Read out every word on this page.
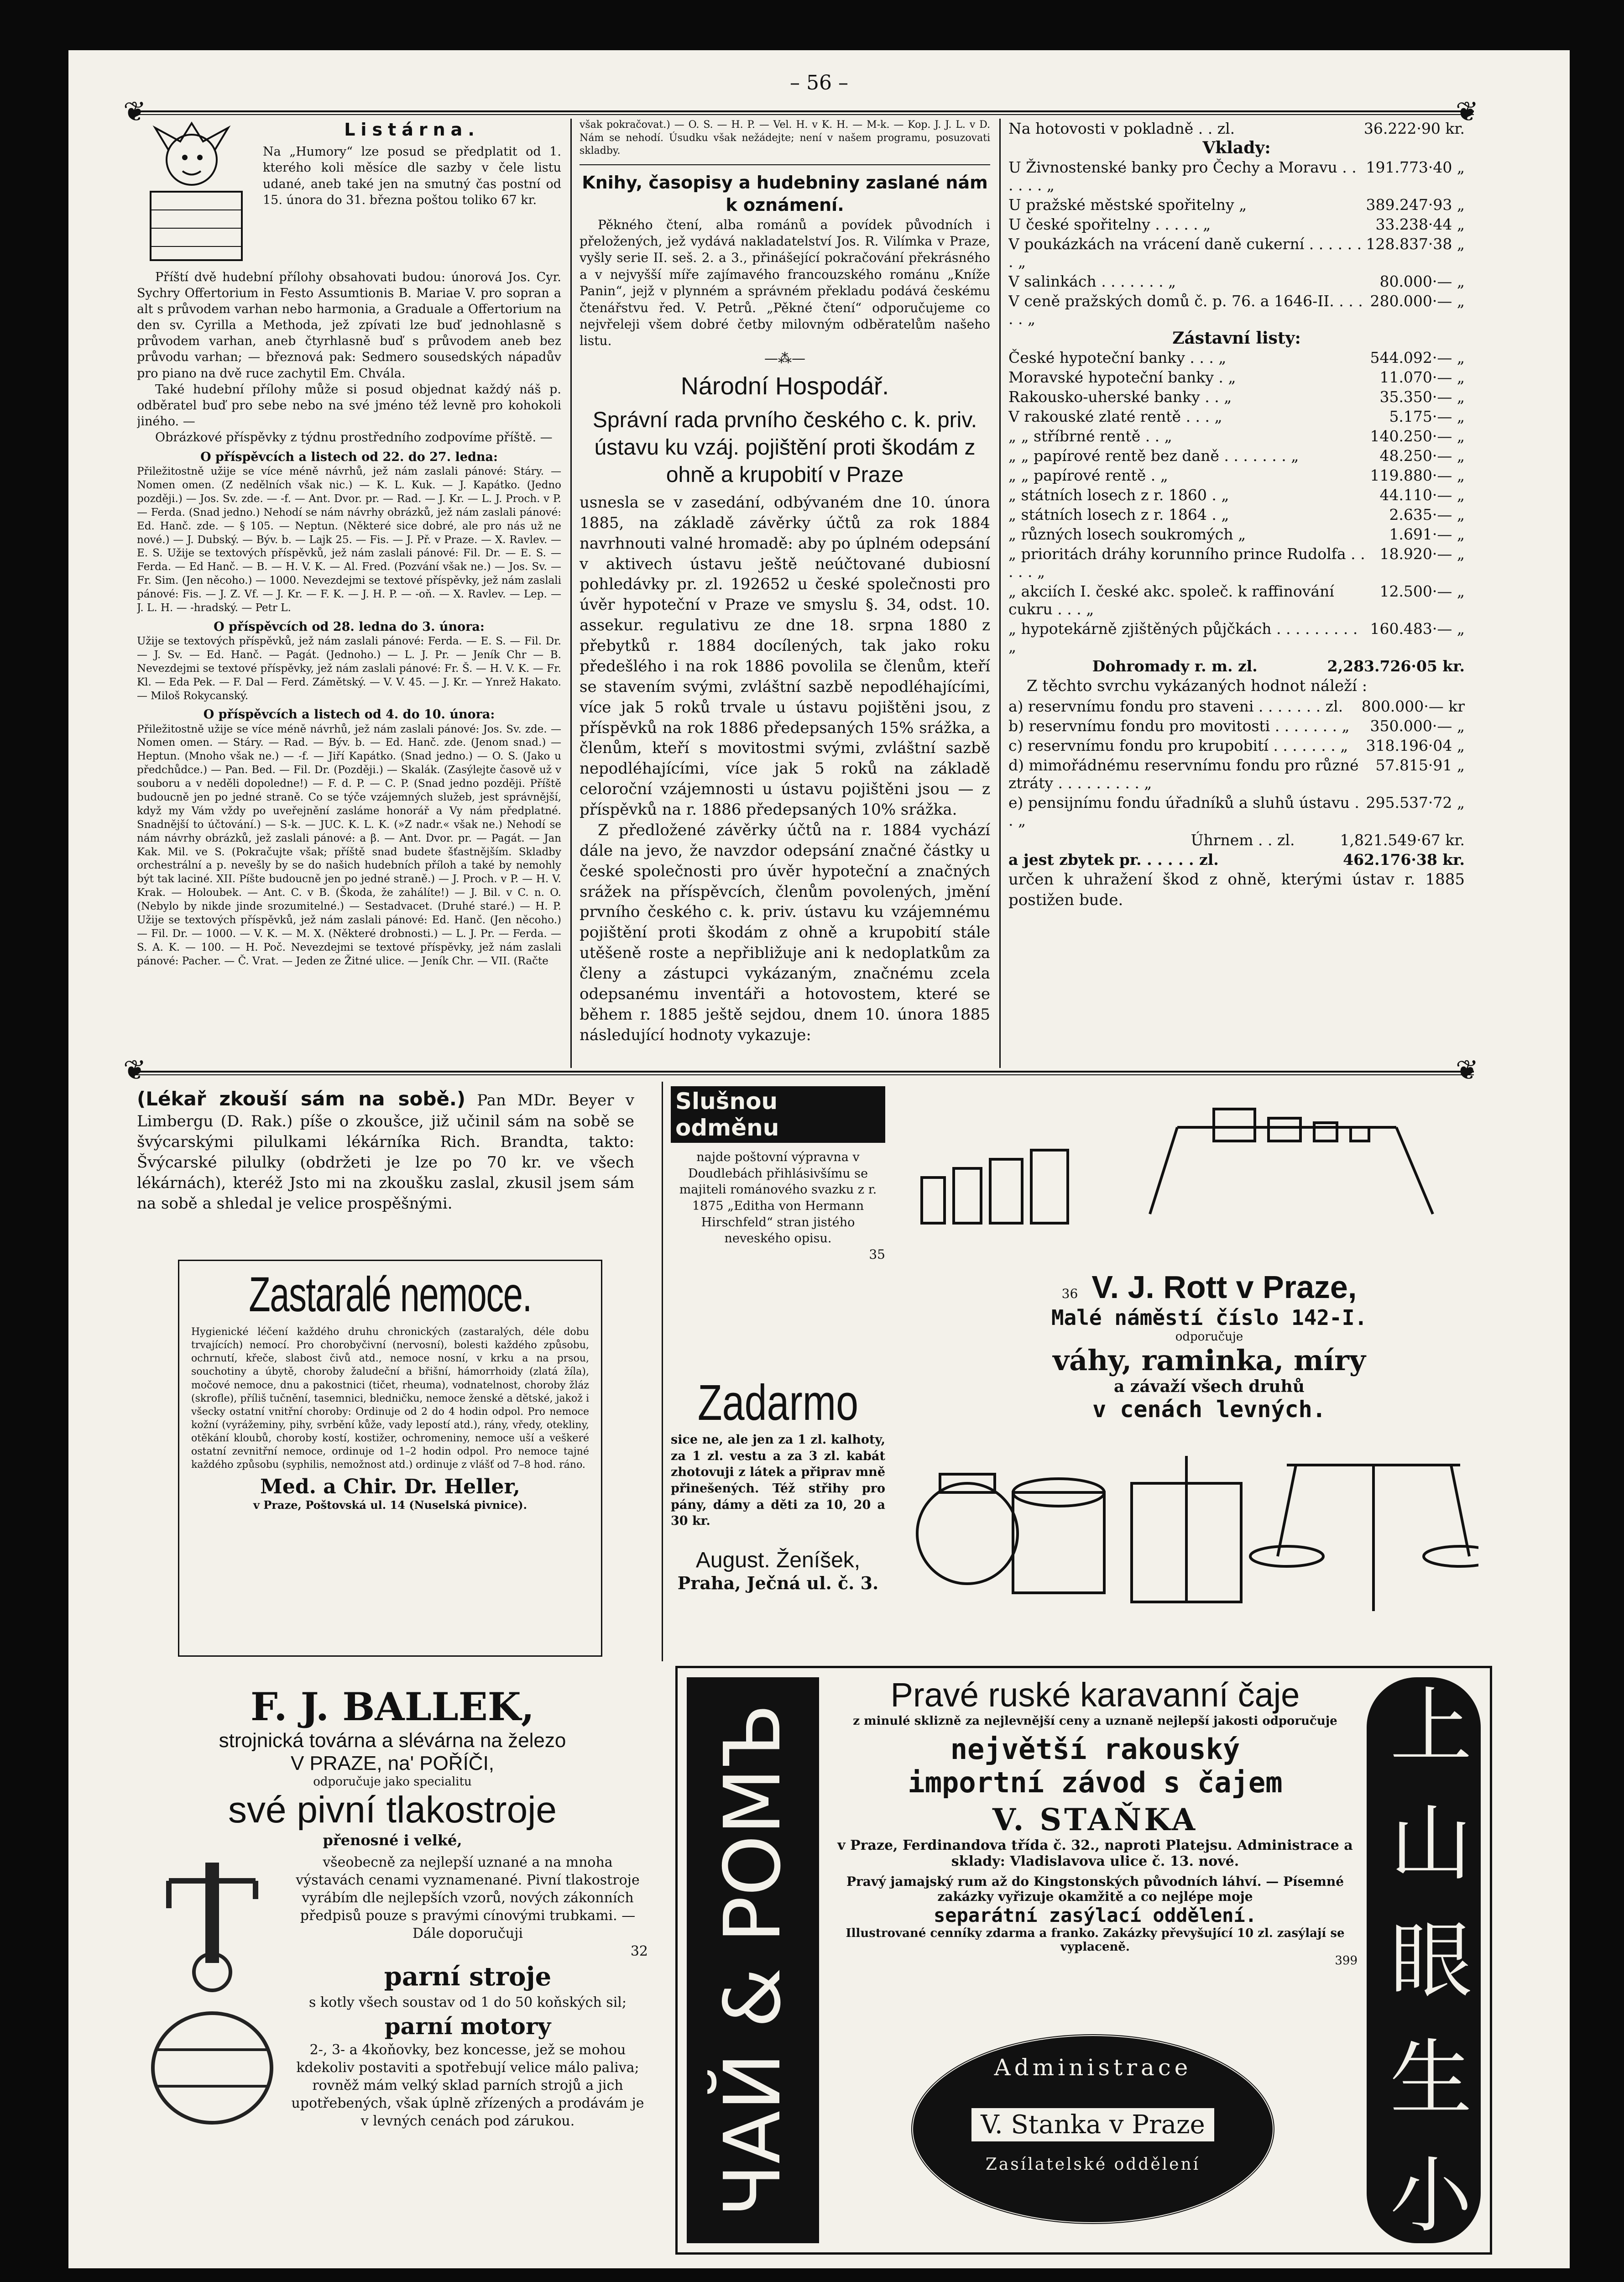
– 56 –
❦	❦
❦	❦
Listárna.
Na „Humory“ lze posud se předplatit od 1. kterého koli měsíce dle sazby v čele listu udané, aneb také jen na smutný čas postní od 15. února do 31. března poštou toliko 67 kr.
Příští dvě hudební přílohy obsahovati budou: únorová Jos. Cyr. Sychry Offertorium in Festo Assumtionis B. Mariae V. pro sopran a alt s průvodem varhan nebo harmonia, a Graduale a Offertorium na den sv. Cyrilla a Methoda, jež zpívati lze buď jednohlasně s průvodem varhan, aneb čtyrhlasně buď s průvodem aneb bez průvodu varhan; — březnová pak: Sedmero sousedských nápadův pro piano na dvě ruce zachytil Em. Chvála.
Také hudební přílohy může si posud objednat každý náš p. odběratel buď pro sebe nebo na své jméno též levně pro kohokoli jiného. —
Obrázkové příspěvky z týdnu prostředního zodpovíme příště. —
O příspěvcích a listech od 22. do 27. ledna:
Přiležitostně užije se více méně návrhů, jež nám zaslali pánové: Stáry. — Nomen omen. (Z nedělních však nic.) — K. L. Kuk. — J. Kapátko. (Jedno později.) — Jos. Sv. zde. — -f. — Ant. Dvor. pr. — Rad. — J. Kr. — L. J. Proch. v P. — Ferda. (Snad jedno.) Nehodí se nám návrhy obrázků, jež nám zaslali pánové: Ed. Hanč. zde. — § 105. — Neptun. (Některé sice dobré, ale pro nás už ne nové.) — J. Dubský. — Býv. b. — Lajk 25. — Fis. — J. Př. v Praze. — X. Ravlev. — E. S. Užije se textových příspěvků, jež nám zaslali pánové: Fil. Dr. — E. S. — Ferda. — Ed Hanč. — B. — H. V. K. — Al. Fred. (Pozvání však ne.) — Jos. Sv. — Fr. Sim. (Jen něcoho.) — 1000. Nevezdejmi se textové příspěvky, jež nám zaslali pánové: Fis. — J. Z. Vf. — J. Kr. — F. K. — J. H. P. — -oň. — X. Ravlev. — Lep. — J. L. H. — -hradský. — Petr L.
O příspěvcích od 28. ledna do 3. února:
Užije se textových příspěvků, jež nám zaslali pánové: Ferda. — E. S. — Fil. Dr. — J. Sv. — Ed. Hanč. — Pagát. (Jednoho.) — L. J. Pr. — Jeník Chr — B. Nevezdejmi se textové příspěvky, jež nám zaslali pánové: Fr. Š. — H. V. K. — Fr. Kl. — Eda Pek. — F. Dal — Ferd. Zámětský. — V. V. 45. — J. Kr. — Ynrež Hakato. — Miloš Rokycanský.
O příspěvcích a listech od 4. do 10. února:
Přiležitostně užije se více méně návrhů, jež nám zaslali pánové: Jos. Sv. zde. — Nomen omen. — Stáry. — Rad. — Býv. b. — Ed. Hanč. zde. (Jenom snad.) — Heptun. (Mnoho však ne.) — -f. — Jiří Kapátko. (Snad jedno.) — O. S. (Jako u předchůdce.) — Pan. Bed. — Fil. Dr. (Později.) — Skalák. (Zasýlejte časově už v souboru a v neděli dopoledne!) — F. d. P. — C. P. (Snad jedno později. Příště budoucně jen po jedné straně. Co se týče vzájemných služeb, jest správnější, když my Vám vždy po uveřejnění zasláme honorář a Vy nám předplatné. Snadnější to účtování.) — S-k. — JUC. K. L. K. (»Z nadr.« však ne.) Nehodí se nám návrhy obrázků, jež zaslali pánové: a β. — Ant. Dvor. pr. — Pagát. — Jan Kak. Mil. ve S. (Pokračujte však; příště snad budete šťastnějším. Skladby orchestrální a p. nevešly by se do našich hudebních příloh a také by nemohly být tak laciné. XII. Píšte budoucně jen po jedné straně.) — J. Proch. v P. — H. V. Krak. — Holoubek. — Ant. C. v B. (Škoda, že zahálíte!) — J. Bil. v C. n. O. (Nebylo by nikde jinde srozumitelné.) — Sestadvacet. (Druhé staré.) — H. P. Užije se textových příspěvků, jež nám zaslali pánové: Ed. Hanč. (Jen něcoho.) — Fil. Dr. — 1000. — V. K. — M. X. (Některé drobnosti.) — L. J. Pr. — Ferda. — S. A. K. — 100. — H. Poč. Nevezdejmi se textové příspěvky, jež nám zaslali pánové: Pacher. — Č. Vrat. — Jeden ze Žitné ulice. — Jeník Chr. — VII. (Račte
však pokračovat.) — O. S. — H. P. — Vel. H. v K. H. — M-k. — Kop. J. J. L. v D. Nám se nehodí. Úsudku však nežádejte; není v našem programu, posuzovati skladby.
Knihy, časopisy a hudebniny zaslané nám k oznámení.
Pěkného čtení, alba románů a povídek původních i přeložených, jež vydává nakladatelství Jos. R. Vilímka v Praze, vyšly serie II. seš. 2. a 3., přinášející pokračování překrásného a v nejvyšší míře zajímavého francouzského románu „Kníže Panin“, jejž v plynném a správném překladu podává českému čtenářstvu řed. V. Petrů. „Pěkné čtení“ odporučujeme co nejvřeleji všem dobré četby milovným odběratelům našeho listu.
—⁂—
Národní Hospodář.
Správní rada prvního českého c. k. priv. ústavu ku vzáj. pojištění proti škodám z ohně a krupobití v Praze
usnesla se v zasedání, odbývaném dne 10. února 1885, na základě závěrky účtů za rok 1884 navrhnouti valné hromadě: aby po úplném odepsání v aktivech ústavu ještě neúčtované dubiosní pohledávky pr. zl. 192652 u české společnosti pro úvěr hypoteční v Praze ve smyslu §. 34, odst. 10. assekur. regulativu ze dne 18. srpna 1880 z přebytků r. 1884 docílených, tak jako roku předešlého i na rok 1886 povolila se členům, kteří se stavením svými, zvláštní sazbě nepodléhajícími, více jak 5 roků trvale u ústavu pojištěni jsou, z příspěvků na rok 1886 předepsaných 15% srážka, a členům, kteří s movitostmi svými, zvláštní sazbě nepodléhajícími, více jak 5 roků na základě celoroční vzájemnosti u ústavu pojištěni jsou — z příspěvků na r. 1886 předepsaných 10% srážka.
Z předložené závěrky účtů na r. 1884 vychází dále na jevo, že navzdor odepsání značné částky u české společnosti pro úvěr hypoteční a značných srážek na příspěvcích, členům povolených, jmění prvního českého c. k. priv. ústavu ku vzájemnému pojištění proti škodám z ohně a krupobití stále utěšeně roste a nepřibližuje ani k nedoplatkům za členy a zástupci vykázaným, značnému zcela odepsanému inventáři a hotovostem, které se během r. 1885 ještě sejdou, dnem 10. února 1885 následující hodnoty vykazuje:
Na hotovosti v pokladně . . zl.	36.222·90 kr.
Vklady:
U Živnostenské banky pro Čechy a Moravu . . . . . . „	191.773·40 „
U pražské městské spořitelny „	389.247·93 „
U české spořitelny . . . . . „	33.238·44 „
V poukázkách na vrácení daně cukerní . . . . . . . „	128.837·38 „
V salinkách . . . . . . . „	80.000·— „
V ceně pražských domů č. p. 76. a 1646-II. . . . . . „	280.000·— „
Zástavní listy:
České hypoteční banky . . . „	544.092·— „
Moravské hypoteční banky . „	11.070·— „
Rakousko-uherské banky . . „	35.350·— „
V rakouské zlaté rentě . . . „	5.175·— „
„ „ stříbrné rentě . . „	140.250·— „
„ „ papírové rentě bez daně . . . . . . . „	48.250·— „
„ „ papírové rentě . „	119.880·— „
„ státních losech z r. 1860 . „	44.110·— „
„ státních losech z r. 1864 . „	2.635·— „
„ různých losech soukromých „	1.691·— „
„ prioritách dráhy korunního prince Rudolfa . . . . . „	18.920·— „
„ akciích I. české akc. společ. k raffinování cukru . . . „	12.500·— „
„ hypotekárně zjištěných půjčkách . . . . . . . . . „	160.483·— „
Dohromady r. m. zl.	2,283.726·05 kr.
Z těchto svrchu vykázaných hodnot náleží :
a) reservnímu fondu pro staveni . . . . . . . zl.	800.000·— kr
b) reservnímu fondu pro movitosti . . . . . . . „	350.000·— „
c) reservnímu fondu pro krupobití . . . . . . . „	318.196·04 „
d) mimořádnému reservnímu fondu pro různé ztráty . . . . . . . . . „	57.815·91 „
e) pensijnímu fondu úřadníků a sluhů ústavu . . „	295.537·72 „
Úhrnem . . zl.	1,821.549·67 kr.
a jest zbytek pr. . . . . . zl.	462.176·38 kr.
určen k uhražení škod z ohně, kterými ústav r. 1885 postižen bude.
(Lékař zkouší sám na sobě.) Pan MDr. Beyer v Limbergu (D. Rak.) píše o zkoušce, již učinil sám na sobě se švýcarskými pilulkami lékárníka Rich. Brandta, takto: Švýcarské pilulky (obdržeti je lze po 70 kr. ve všech lékárnách), kteréž Jsto mi na zkoušku zaslal, zkusil jsem sám na sobě a shledal je velice prospěšnými.
Zastaralé nemoce.
Hygienické léčení každého druhu chronických (zastaralých, déle dobu trvajících) nemocí. Pro chorobyčivní (nervosní), bolesti každého způsobu, ochrnutí, křeče, slabost čivů atd., nemoce nosní, v krku a na prsou, souchotiny a úbytě, choroby žaludeční a břišní, hámorrhoidy (zlatá žíla), močové nemoce, dnu a pakostnici (tičet, rheuma), vodnatelnost, choroby žláz (skrofle), příliš tučnění, tasemnici, bledničku, nemoce ženské a dětské, jakož i všecky ostatní vnitřní choroby: Ordinuje od 2 do 4 hodin odpol. Pro nemoce kožní (vyrážeminy, pihy, svrbění kůže, vady lepostí atd.), rány, vředy, otekliny, otěkání kloubů, choroby kostí, kostižer, ochromeniny, nemoce uší a veškeré ostatní zevnitřní nemoce, ordinuje od 1–2 hodin odpol. Pro nemoce tajné každého způsobu (syphilis, nemožnost atd.) ordinuje z vlášť od 7–8 hod. ráno.
Med. a Chir. Dr. Heller,
v Praze, Poštovská ul. 14 (Nuselská pivnice).
F. J. BALLEK,
strojnická továrna a slévárna na železo
V PRAZE, na' POŘÍČI,
odporučuje jako specialitu
své pivní tlakostroje
přenosné i velké,
všeobecně za nejlepší uznané a na mnoha výstavách cenami vyznamenané. Pivní tlakostroje vyrábím dle nejlepších vzorů, nových zákonních předpisů pouze s pravými cínovými trubkami. — Dále doporučuji
32
parní stroje
s kotly všech soustav od 1 do 50 koňských sil;
parní motory
2-, 3- a 4koňovky, bez koncesse, jež se mohou kdekoliv postaviti a spotřebují velice málo paliva; rovněž mám velký sklad parních strojů a jich upotřebených, však úplně zřízených a prodávám je v levných cenách pod zárukou.
Slušnou odměnu
najde poštovní výpravna v Doudlebách přihlásivšímu se majiteli románového svazku z r. 1875 „Editha von Hermann Hirschfeld“ stran jistého neveského opisu.
35
Zadarmo
sice ne, ale jen za 1 zl. kalhoty, za 1 zl. vestu a za 3 zl. kabát zhotovuji z látek a připrav mně přinešených. Též střihy pro pány, dámy a děti za 10, 20 a 30 kr.
August. Ženíšek,
Praha, Ječná ul. č. 3.
36 V. J. Rott v Praze,
Malé náměstí číslo 142-I.
odporučuje
váhy, raminka, míry
a závaží všech druhů
v cenách levných.
ЧАЙ & РОМЪ	上 山 眼 生 小
Pravé ruské karavanní čaje
z minulé sklizně za nejlevnější ceny a uznaně nejlepší jakosti odporučuje
největší rakouský
importní závod s čajem
V. STAŇKA
v Praze, Ferdinandova třída č. 32., naproti Platejsu. Administrace a sklady: Vladislavova ulice č. 13. nové.
Pravý jamajský rum až do Kingstonských původních láhví. — Písemné zakázky vyřizuje okamžitě a co nejlépe moje
separátní zasýlací oddělení.
Illustrované cenníky zdarma a franko. Zakázky převyšující 10 zl. zasýlají se vyplaceně.
399
Administrace
V. Stanka v Praze
Zasílatelské oddělení
